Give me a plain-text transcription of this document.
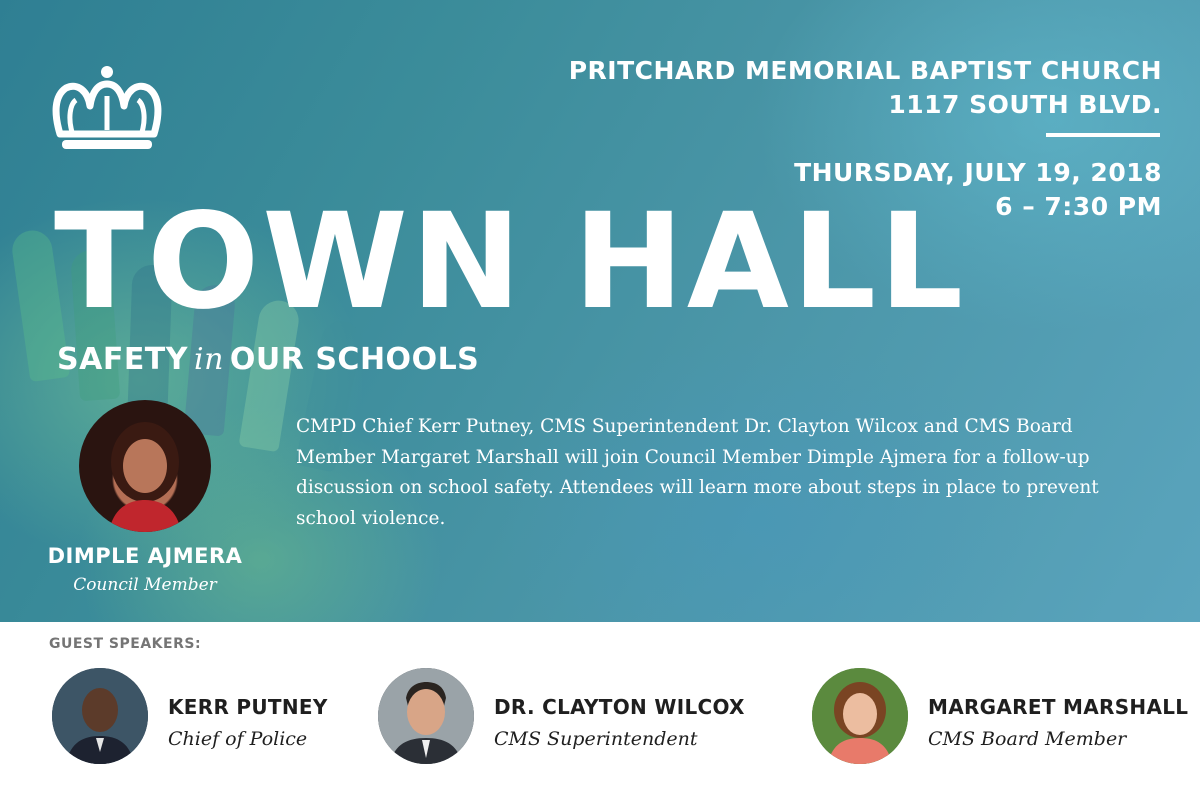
PRITCHARD MEMORIAL BAPTIST CHURCH
1117 SOUTH BLVD.
THURSDAY, JULY 19, 2018
6 – 7:30 PM
TOWN HALL
SAFETY in OUR SCHOOLS
DIMPLE AJMERA
Council Member
CMPD Chief Kerr Putney, CMS Superintendent Dr. Clayton Wilcox and CMS Board Member Margaret Marshall will join Council Member Dimple Ajmera for a follow-up discussion on school safety. Attendees will learn more about steps in place to prevent school violence.
GUEST SPEAKERS:
KERR PUTNEY
Chief of Police
DR. CLAYTON WILCOX
CMS Superintendent
MARGARET MARSHALL
CMS Board Member
